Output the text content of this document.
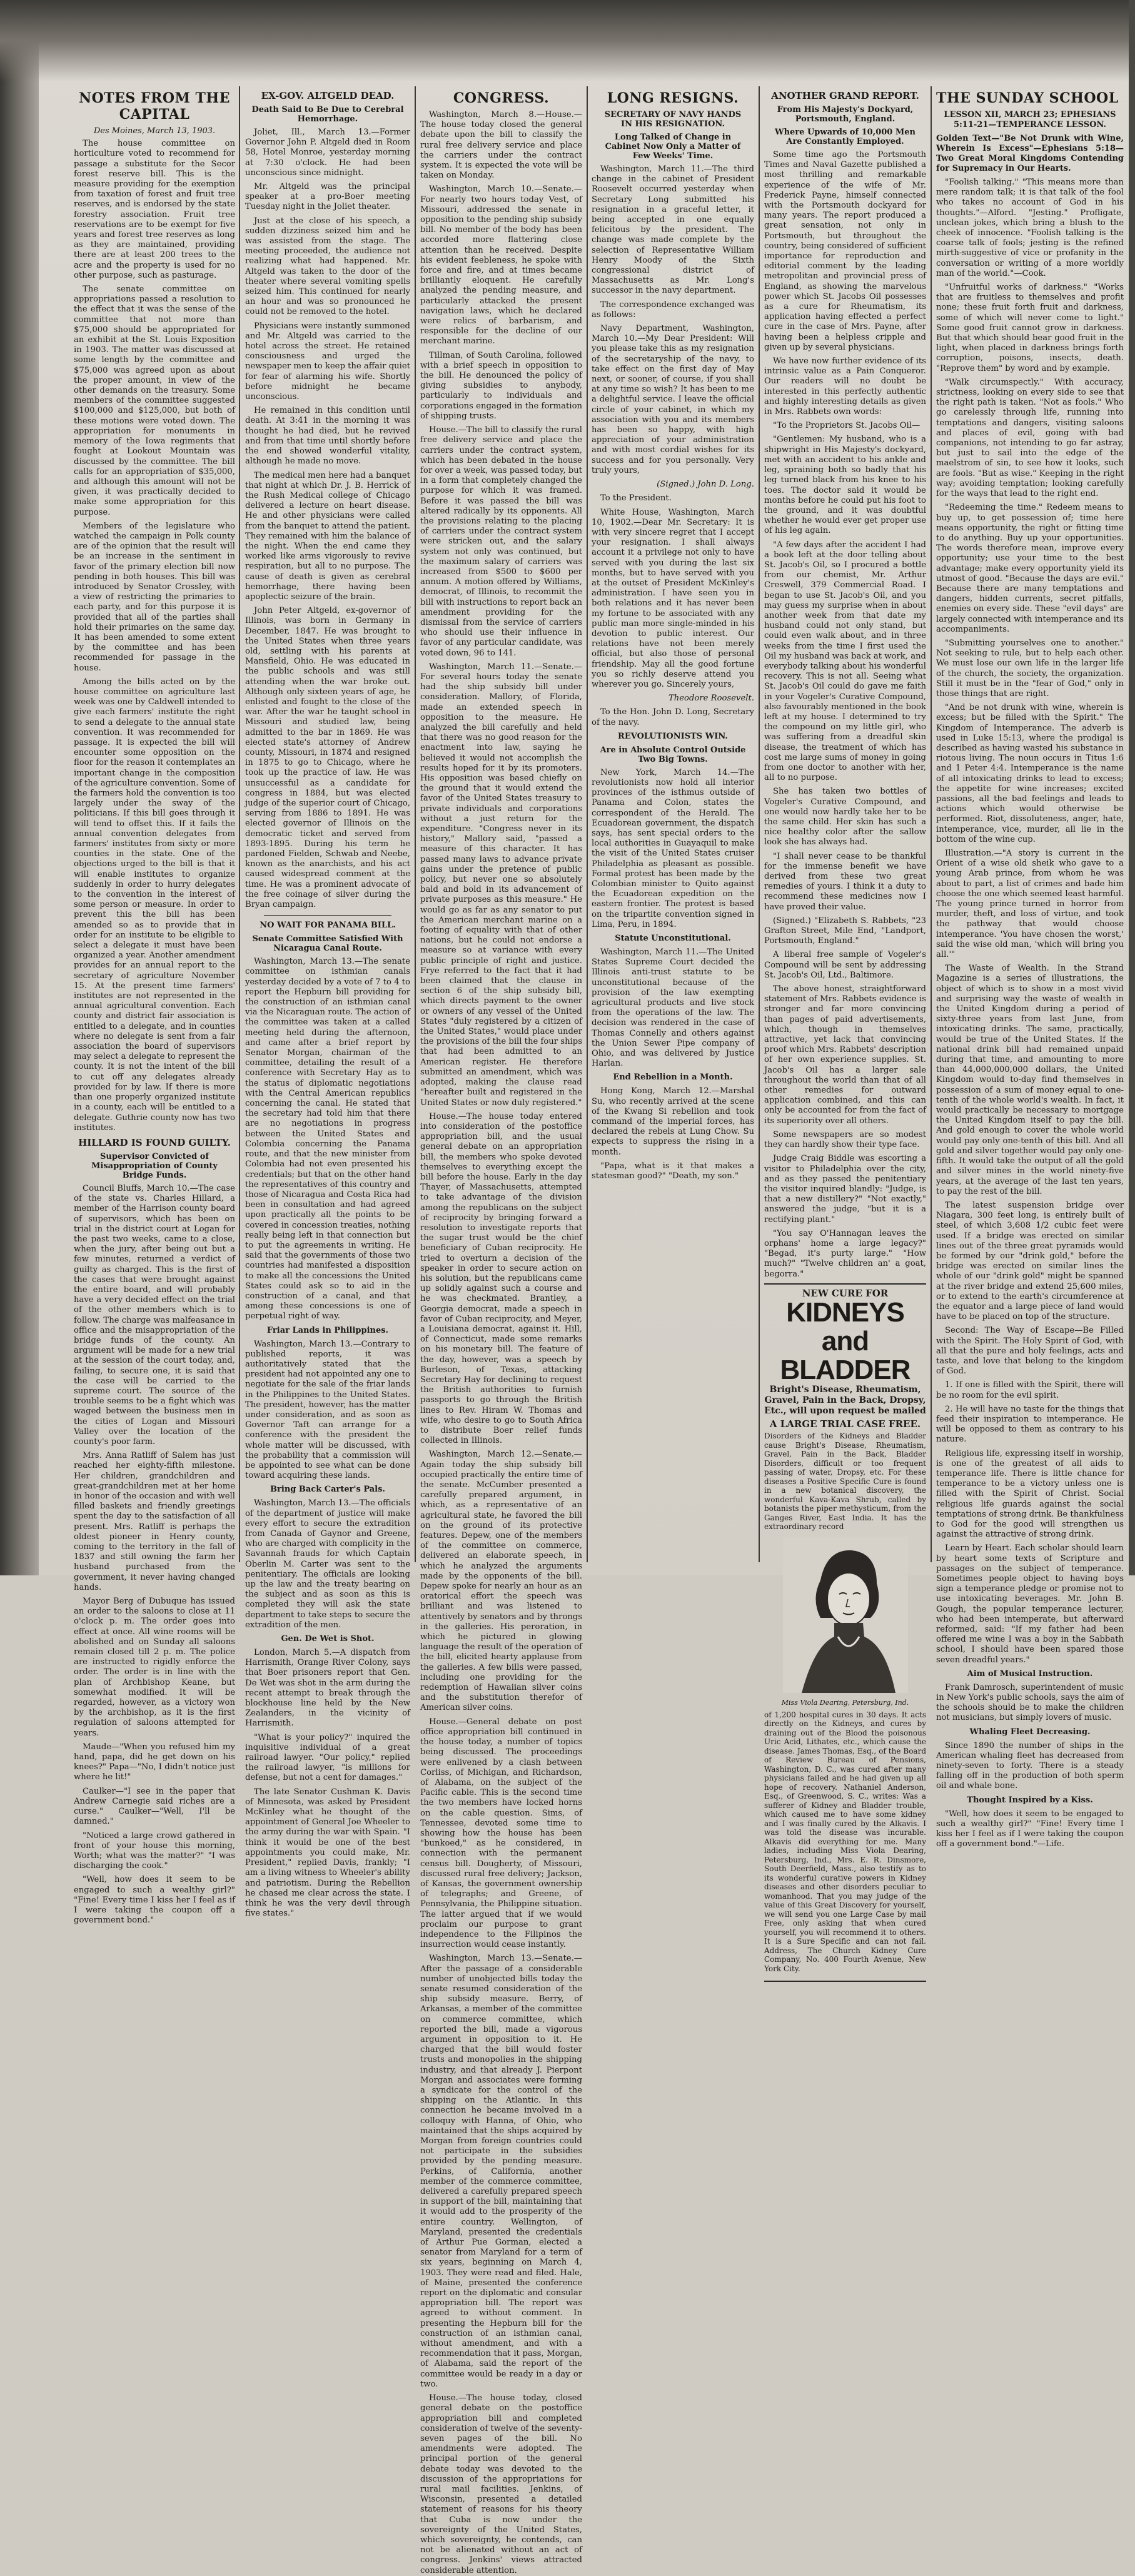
NOTES FROM THE CAPITAL
Des Moines, March 13, 1903.

The house committee on horticulture voted to recommend for passage a substitute for the Secor forest reserve bill. This is the measure providing for the exemption from taxation of forest and fruit tree reserves, and is endorsed by the state forestry association. Fruit tree reservations are to be exempt for five years and forest tree reserves as long as they are maintained, providing there are at least 200 trees to the acre and the property is used for no other purpose, such as pasturage.

The senate committee on appropriations passed a resolution to the effect that it was the sense of the committee that not more than $75,000 should be appropriated for an exhibit at the St. Louis Exposition in 1903. The matter was discussed at some length by the committee and $75,000 was agreed upon as about the proper amount, in view of the other demands on the treasury. Some members of the committee suggested $100,000 and $125,000, but both of these motions were voted down. The appropriation for monuments in memory of the Iowa regiments that fought at Lookout Mountain was discussed by the committee. The bill calls for an appropriation of $35,000, and although this amount will not be given, it was practically decided to make some appropriation for this purpose.

Members of the legislature who watched the campaign in Polk county are of the opinion that the result will be an increase in the sentiment in favor of the primary election bill now pending in both houses. This bill was introduced by Senator Crossley, with a view of restricting the primaries to each party, and for this purpose it is provided that all of the parties shall hold their primaries on the same day. It has been amended to some extent by the committee and has been recommended for passage in the house.

Among the bills acted on by the house committee on agriculture last week was one by Caldwell intended to give each farmers' institute the right to send a delegate to the annual state convention. It was recommended for passage. It is expected the bill will encounter some opposition on the floor for the reason it contemplates an important change in the composition of the agriculture convention. Some of the farmers hold the convention is too largely under the sway of the politicians. If this bill goes through it will tend to offset this. If it fails the annual convention delegates from farmers' institutes from sixty or more counties in the state. One of the objections urged to the bill is that it will enable institutes to organize suddenly in order to hurry delegates to the convention in the interest of some person or measure. In order to prevent this the bill has been amended so as to provide that in order for an institute to be eligible to select a delegate it must have been organized a year. Another amendment provides for an annual report to the secretary of agriculture November 15. At the present time farmers' institutes are not represented in the annual agricultural convention. Each county and district fair association is entitled to a delegate, and in counties where no delegate is sent from a fair association the board of supervisors may select a delegate to represent the county. It is not the intent of the bill to cut off any delegates already provided for by law. If there is more than one properly organized institute in a county, each will be entitled to a delegate. Guthrie county now has two institutes.

HILLARD IS FOUND GUILTY.
Supervisor Convicted of Misappropriation of County Bridge Funds.

Council Bluffs, March 10.—The case of the state vs. Charles Hillard, a member of the Harrison county board of supervisors, which has been on trial in the district court at Logan for the past two weeks, came to a close, when the jury, after being out but a few minutes, returned a verdict of guilty as charged. This is the first of the cases that were brought against the entire board, and will probably have a very decided effect on the trial of the other members which is to follow. The charge was malfeasance in office and the misappropriation of the bridge funds of the county. An argument will be made for a new trial at the session of the court today, and, failing, to secure one, it is said that the case will be carried to the supreme court. The source of the trouble seems to be a fight which was waged between the business men in the cities of Logan and Missouri Valley over the location of the county's poor farm.

Mrs. Anna Ratliff of Salem has just reached her eighty-fifth milestone. Her children, grandchildren and great-grandchildren met at her home in honor of the occasion and with well filled baskets and friendly greetings spent the day to the satisfaction of all present. Mrs. Ratliff is perhaps the oldest pioneer in Henry county, coming to the territory in the fall of 1837 and still owning the farm her husband purchased from the government, it never having changed hands.

Mayor Berg of Dubuque has issued an order to the saloons to close at 11 o'clock p. m. The order goes into effect at once. All wine rooms will be abolished and on Sunday all saloons remain closed till 2 p. m. The police are instructed to rigidly enforce the order. The order is in line with the plan of Archbishop Keane, but somewhat modified. It will be regarded, however, as a victory won by the archbishop, as it is the first regulation of saloons attempted for years.

Maude—"When you refused him my hand, papa, did he get down on his knees?" Papa—"No, I didn't notice just where he lit!"

Caulker—"I see in the paper that Andrew Carnegie said riches are a curse." Caulker—"Well, I'll be damned."

"Noticed a large crowd gathered in front of your house this morning, Worth; what was the matter?" "I was discharging the cook."

"Well, how does it seem to be engaged to such a wealthy girl?" "Fine! Every time I kiss her I feel as if I were taking the coupon off a government bond."

EX-GOV. ALTGELD DEAD.
Death Said to Be Due to Cerebral Hemorrhage.

Joliet, Ill., March 13.—Former Governor John P. Altgeld died in Room 58, Hotel Monroe, yesterday morning at 7:30 o'clock. He had been unconscious since midnight.

Mr. Altgeld was the principal speaker at a pro-Boer meeting Tuesday night in the Joliet theater.

Just at the close of his speech, a sudden dizziness seized him and he was assisted from the stage. The meeting proceeded, the audience not realizing what had happened. Mr. Altgeld was taken to the door of the theater where several vomiting spells seized him. This continued for nearly an hour and was so pronounced he could not be removed to the hotel.

Physicians were instantly summoned and Mr. Altgeld was carried to the hotel across the street. He retained consciousness and urged the newspaper men to keep the affair quiet for fear of alarming his wife. Shortly before midnight he became unconscious.

He remained in this condition until death. At 3:41 in the morning it was thought he had died, but he revived and from that time until shortly before the end showed wonderful vitality, although he made no move.

The medical men here had a banquet that night at which Dr. J. B. Herrick of the Rush Medical college of Chicago delivered a lecture on heart disease. He and other physicians were called from the banquet to attend the patient. They remained with him the balance of the night. When the end came they worked like arms vigorously to revive respiration, but all to no purpose. The cause of death is given as cerebral hemorrhage, there having been apoplectic seizure of the brain.

John Peter Altgeld, ex-governor of Illinois, was born in Germany in December, 1847. He was brought to the United States when three years old, settling with his parents at Mansfield, Ohio. He was educated in the public schools and was still attending when the war broke out. Although only sixteen years of age, he enlisted and fought to the close of the war. After the war he taught school in Missouri and studied law, being admitted to the bar in 1869. He was elected state's attorney of Andrew county, Missouri, in 1874 and resigned in 1875 to go to Chicago, where he took up the practice of law. He was unsuccessful as a candidate for congress in 1884, but was elected judge of the superior court of Chicago, serving from 1886 to 1891. He was elected governor of Illinois on the democratic ticket and served from 1893-1895. During his term he pardoned Fielden, Schwab and Neebe, known as the anarchists, and his act caused widespread comment at the time. He was a prominent advocate of the free coinage of silver during the Bryan campaign.

NO WAIT FOR PANAMA BILL.
Senate Committee Satisfied With Nicaragua Canal Route.

Washington, March 13.—The senate committee on isthmian canals yesterday decided by a vote of 7 to 4 to report the Hepburn bill providing for the construction of an isthmian canal via the Nicaraguan route. The action of the committee was taken at a called meeting held during the afternoon, and came after a brief report by Senator Morgan, chairman of the committee, detailing the result of a conference with Secretary Hay as to the status of diplomatic negotiations with the Central American republics concerning the canal. He stated that the secretary had told him that there are no negotiations in progress between the United States and Colombia concerning the Panama route, and that the new minister from Colombia had not even presented his credentials; but that on the other hand the representatives of this country and those of Nicaragua and Costa Rica had been in consultation and had agreed upon practically all the points to be covered in concession treaties, nothing really being left in that connection but to put the agreements in writing. He said that the governments of those two countries had manifested a disposition to make all the concessions the United States could ask so to aid in the construction of a canal, and that among these concessions is one of perpetual right of way.

Friar Lands in Philippines.

Washington, March 13.—Contrary to published reports, it was authoritatively stated that the president had not appointed any one to negotiate for the sale of the friar lands in the Philippines to the United States. The president, however, has the matter under consideration, and as soon as Governor Taft can arrange for a conference with the president the whole matter will be discussed, with the probability that a commission will be appointed to see what can be done toward acquiring these lands.

Bring Back Carter's Pals.

Washington, March 13.—The officials of the department of justice will make every effort to secure the extradition from Canada of Gaynor and Greene, who are charged with complicity in the Savannah frauds for which Captain Oberlin M. Carter was sent to the penitentiary. The officials are looking up the law and the treaty bearing on the subject and as soon as this is completed they will ask the state department to take steps to secure the extradition of the men.

Gen. De Wet is Shot.

London, March 5.—A dispatch from Harrismith, Orange River Colony, says that Boer prisoners report that Gen. De Wet was shot in the arm during the recent attempt to break through the blockhouse line held by the New Zealanders, in the vicinity of Harrismith.

"What is your policy?" inquired the inquisitive individual of a great railroad lawyer. "Our policy," replied the railroad lawyer, "is millions for defense, but not a cent for damages."

The late Senator Cushman K. Davis of Minnesota, was asked by President McKinley what he thought of the appointment of General Joe Wheeler to the army during the war with Spain. "I think it would be one of the best appointments you could make, Mr. President," replied Davis, frankly; "I am a living witness to Wheeler's ability and patriotism. During the Rebellion he chased me clear across the state. I think he was the very devil through five states."

CONGRESS.

Washington, March 8.—House.—The house today closed the general debate upon the bill to classify the rural free delivery service and place the carriers under the contract system. It is expected the vote will be taken on Monday.

Washington, March 10.—Senate.—For nearly two hours today Vest, of Missouri, addressed the senate in opposition to the pending ship subsidy bill. No member of the body has been accorded more flattering close attention than he received. Despite his evident feebleness, he spoke with force and fire, and at times became brilliantly eloquent. He carefully analyzed the pending measure, and particularly attacked the present navigation laws, which he declared were relics of barbarism, and responsible for the decline of our merchant marine.

Tillman, of South Carolina, followed with a brief speech in opposition to the bill. He denounced the policy of giving subsidies to anybody, particularly to individuals and corporations engaged in the formation of shipping trusts.

House.—The bill to classify the rural free delivery service and place the carriers under the contract system, which has been debated in the house for over a week, was passed today, but in a form that completely changed the purpose for which it was framed. Before it was passed the bill was altered radically by its opponents. All the provisions relating to the placing of carriers under the contract system were stricken out, and the salary system not only was continued, but the maximum salary of carriers was increased from $500 to $600 per annum. A motion offered by Williams, democrat, of Illinois, to recommit the bill with instructions to report back an amendment providing for the dismissal from the service of carriers who should use their influence in favor of any particular candidate, was voted down, 96 to 141.

Washington, March 11.—Senate.—For several hours today the senate had the ship subsidy bill under consideration. Mallory, of Florida, made an extended speech in opposition to the measure. He analyzed the bill carefully and held that there was no good reason for the enactment into law, saying he believed it would not accomplish the results hoped for it by its promoters. His opposition was based chiefly on the ground that it would extend the favor of the United States treasury to private individuals and corporations without a just return for the expenditure. "Congress never in its history," Mallory said, "passed a measure of this character. It has passed many laws to advance private gains under the pretence of public policy, but never one so absolutely bald and bold in its advancement of private purposes as this measure." He would go as far as any senator to put the American merchant marine on a footing of equality with that of other nations, but he could not endorse a measure so at variance with every public principle of right and justice. Frye referred to the fact that it had been claimed that the clause in section 6 of the ship subsidy bill, which directs payment to the owner or owners of any vessel of the United States "duly registered by a citizen of the United States," would place under the provisions of the bill the four ships that had been admitted to an American register. He therefore submitted an amendment, which was adopted, making the clause read "hereafter built and registered in the United States or now duly registered."

House.—The house today entered into consideration of the postoffice appropriation bill, and the usual general debate on an appropriation bill, the members who spoke devoted themselves to everything except the bill before the house. Early in the day Thayer, of Massachusetts, attempted to take advantage of the division among the republicans on the subject of reciprocity by bringing forward a resolution to investigate reports that the sugar trust would be the chief beneficiary of Cuban reciprocity. He tried to overturn a decision of the speaker in order to secure action on his solution, but the republicans came up solidly against such a course and he was checkmated. Brantley, a Georgia democrat, made a speech in favor of Cuban reciprocity, and Meyer, a Louisiana democrat, against it. Hill, of Connecticut, made some remarks on his monetary bill. The feature of the day, however, was a speech by Burleson, of Texas, attacking Secretary Hay for declining to request the British authorities to furnish passports to go through the British lines to Rev. Hiram W. Thomas and wife, who desire to go to South Africa to distribute Boer relief funds collected in Illinois.

Washington, March 12.—Senate.—Again today the ship subsidy bill occupied practically the entire time of the senate. McCumber presented a carefully prepared argument, in which, as a representative of an agricultural state, he favored the bill on the ground of its protective features. Depew, one of the members of the committee on commerce, delivered an elaborate speech, in which he analyzed the arguments made by the opponents of the bill. Depew spoke for nearly an hour as an oratorical effort the speech was brilliant and was listened to attentively by senators and by throngs in the galleries. His peroration, in which he pictured in glowing language the result of the operation of the bill, elicited hearty applause from the galleries. A few bills were passed, including one providing for the redemption of Hawaiian silver coins and the substitution therefor of American silver coins.

House.—General debate on post office appropriation bill continued in the house today, a number of topics being discussed. The proceedings were enlivened by a clash between Corliss, of Michigan, and Richardson, of Alabama, on the subject of the Pacific cable. This is the second time the two members have locked horns on the cable question. Sims, of Tennessee, devoted some time to showing how the house has been "bunkoed," as he considered, in connection with the permanent census bill. Dougherty, of Missouri, discussed rural free delivery; Jackson, of Kansas, the government ownership of telegraphs; and Greene, of Pennsylvania, the Philippine situation. The latter argued that if we would proclaim our purpose to grant independence to the Filipinos the insurrection would cease instantly.

Washington, March 13.—Senate.—After the passage of a considerable number of unobjected bills today the senate resumed consideration of the ship subsidy measure. Berry, of Arkansas, a member of the committee on commerce committee, which reported the bill, made a vigorous argument in opposition to it. He charged that the bill would foster trusts and monopolies in the shipping industry, and that already J. Pierpont Morgan and associates were forming a syndicate for the control of the shipping on the Atlantic. In this connection he became involved in a colloquy with Hanna, of Ohio, who maintained that the ships acquired by Morgan from foreign countries could not participate in the subsidies provided by the pending measure. Perkins, of California, another member of the commerce committee, delivered a carefully prepared speech in support of the bill, maintaining that it would add to the prosperity of the entire country. Wellington, of Maryland, presented the credentials of Arthur Pue Gorman, elected a senator from Maryland for a term of six years, beginning on March 4, 1903. They were read and filed. Hale, of Maine, presented the conference report on the diplomatic and consular appropriation bill. The report was agreed to without comment. In presenting the Hepburn bill for the construction of an isthmian canal, without amendment, and with a recommendation that it pass, Morgan, of Alabama, said the report of the committee would be ready in a day or two.

House.—The house today, closed general debate on the postoffice appropriation bill and completed consideration of twelve of the seventy-seven pages of the bill. No amendments were adopted. The principal portion of the general debate today was devoted to the discussion of the appropriations for rural mail facilities. Jenkins, of Wisconsin, presented a detailed statement of reasons for his theory that Cuba is now under the sovereignty of the United States, which sovereignty, he contends, can not be alienated without an act of congress. Jenkins' views attracted considerable attention.

LONG RESIGNS.
SECRETARY OF NAVY HANDS IN HIS RESIGNATION.
Long Talked of Change in Cabinet Now Only a Matter of Few Weeks' Time.

Washington, March 11.—The third change in the cabinet of President Roosevelt occurred yesterday when Secretary Long submitted his resignation in a graceful letter, it being accepted in one equally felicitous by the president. The change was made complete by the selection of Representative William Henry Moody of the Sixth congressional district of Massachusetts as Mr. Long's successor in the navy department.

The correspondence exchanged was as follows:

Navy Department, Washington, March 10.—My Dear President: Will you please take this as my resignation of the secretaryship of the navy, to take effect on the first day of May next, or sooner, of course, if you shall at any time so wish? It has been to me a delightful service. I leave the official circle of your cabinet, in which my association with you and its members has been so happy, with high appreciation of your administration and with most cordial wishes for its success and for you personally. Very truly yours,

(Signed.) John D. Long.

To the President.

White House, Washington, March 10, 1902.—Dear Mr. Secretary: It is with very sincere regret that I accept your resignation. I shall always account it a privilege not only to have served with you during the last six months, but to have served with you at the outset of President McKinley's administration. I have seen you in both relations and it has never been my fortune to be associated with any public man more single-minded in his devotion to public interest. Our relations have not been merely official, but also those of personal friendship. May all the good fortune you so richly deserve attend you wherever you go. Sincerely yours,

Theodore Roosevelt.

To the Hon. John D. Long, Secretary of the navy.

REVOLUTIONISTS WIN.
Are in Absolute Control Outside Two Big Towns.

New York, March 14.—The revolutionists now hold all interior provinces of the isthmus outside of Panama and Colon, states the correspondent of the Herald. The Ecuadorean government, the dispatch says, has sent special orders to the local authorities in Guayaquil to make the visit of the United States cruiser Philadelphia as pleasant as possible. Formal protest has been made by the Colombian minister to Quito against the Ecuadorean expedition on the eastern frontier. The protest is based on the tripartite convention signed in Lima, Peru, in 1894.

Statute Unconstitutional.

Washington, March 11.—The United States Supreme Court decided the Illinois anti-trust statute to be unconstitutional because of the provision of the law exempting agricultural products and live stock from the operations of the law. The decision was rendered in the case of Thomas Connelly and others against the Union Sewer Pipe company of Ohio, and was delivered by Justice Harlan.

End Rebellion in a Month.

Hong Kong, March 12.—Marshal Su, who recently arrived at the scene of the Kwang Si rebellion and took command of the imperial forces, has declared the rebels at Lung Chow. Su expects to suppress the rising in a month.

"Papa, what is it that makes a statesman good?" "Death, my son."

ANOTHER GRAND REPORT.
From His Majesty's Dockyard, Portsmouth, England.
Where Upwards of 10,000 Men Are Constantly Employed.

Some time ago the Portsmouth Times and Naval Gazette published a most thrilling and remarkable experience of the wife of Mr. Frederick Payne, himself connected with the Portsmouth dockyard for many years. The report produced a great sensation, not only in Portsmouth, but throughout the country, being considered of sufficient importance for reproduction and editorial comment by the leading metropolitan and provincial press of England, as showing the marvelous power which St. Jacobs Oil possesses as a cure for Rheumatism, its application having effected a perfect cure in the case of Mrs. Payne, after having been a helpless cripple and given up by several physicians.

We have now further evidence of its intrinsic value as a Pain Conqueror. Our readers will no doubt be interested in this perfectly authentic and highly interesting details as given in Mrs. Rabbets own words:

"To the Proprietors St. Jacobs Oil—

"Gentlemen: My husband, who is a shipwright in His Majesty's dockyard, met with an accident to his ankle and leg, spraining both so badly that his leg turned black from his knee to his toes. The doctor said it would be months before he could put his foot to the ground, and it was doubtful whether he would ever get proper use of his leg again.

"A few days after the accident I had a book left at the door telling about St. Jacob's Oil, so I procured a bottle from our chemist, Mr. Arthur Creswell, 379 Commercial Road. I began to use St. Jacob's Oil, and you may guess my surprise when in about another week from that date my husband could not only stand, but could even walk about, and in three weeks from the time I first used the Oil my husband was back at work, and everybody talking about his wonderful recovery. This is not all. Seeing what St. Jacob's Oil could do gave me faith in your Vogeler's Curative Compound, also favourably mentioned in the book left at my house. I determined to try the compound on my little girl, who was suffering from a dreadful skin disease, the treatment of which has cost me large sums of money in going from one doctor to another with her, all to no purpose.

She has taken two bottles of Vogeler's Curative Compound, and one would now hardly take her to be the same child. Her skin has such a nice healthy color after the sallow look she has always had.

"I shall never cease to be thankful for the immense benefit we have derived from these two great remedies of yours. I think it a duty to recommend these medicines now I have proved their value.

(Signed.) "Elizabeth S. Rabbets, "23 Grafton Street, Mile End, "Landport, Portsmouth, England."

A liberal free sample of Vogeler's Compound will be sent by addressing St. Jacob's Oil, Ltd., Baltimore.

The above honest, straightforward statement of Mrs. Rabbets evidence is stronger and far more convincing than pages of paid advertisements, which, though in themselves attractive, yet lack that convincing proof which Mrs. Rabbets' description of her own experience supplies. St. Jacob's Oil has a larger sale throughout the world than that of all other remedies for outward application combined, and this can only be accounted for from the fact of its superiority over all others.

Some newspapers are so modest they can hardly show their type face.

Judge Craig Biddle was escorting a visitor to Philadelphia over the city, and as they passed the penitentiary the visitor inquired blandly: "Judge, is that a new distillery?" "Not exactly," answered the judge, "but it is a rectifying plant."

"You say O'Hannagan leaves the orphans' home a large legacy?" "Begad, it's purty large." "How much?" "Twelve children an' a goat, begorra."

NEW CURE FOR
KIDNEYS and BLADDER
Bright's Disease, Rheumatism, Gravel, Pain in the Back, Dropsy, Etc., will upon request be mailed
A LARGE TRIAL CASE FREE.

Disorders of the Kidneys and Bladder cause Bright's Disease, Rheumatism, Gravel, Pain in the Back, Bladder Disorders, difficult or too frequent passing of water, Dropsy, etc. For these diseases a Positive Specific Cure is found in a new botanical discovery, the wonderful Kava-Kava Shrub, called by botanists the piper methysticum, from the Ganges River, East India. It has the extraordinary record

Miss Viola Dearing, Petersburg, Ind.

of 1,200 hospital cures in 30 days. It acts directly on the Kidneys, and cures by draining out of the Blood the poisonous Uric Acid, Lithates, etc., which cause the disease. James Thomas, Esq., of the Board of Review Bureau of Pensions, Washington, D. C., was cured after many physicians failed and he had given up all hope of recovery. Nathaniel Anderson, Esq., of Greenwood, S. C., writes: Was a sufferer of Kidney and Bladder trouble, which caused me to have some kidney and I was finally cured by the Alkavis. I was told the disease was incurable. Alkavis did everything for me. Many ladies, including Miss Viola Dearing, Petersburg, Ind., Mrs. E. R. Dinsmore, South Deerfield, Mass., also testify as to its wonderful curative powers in Kidney diseases and other disorders peculiar to womanhood. That you may judge of the value of this Great Discovery for yourself, we will send you one Large Case by mail Free, only asking that when cured yourself, you will recommend it to others. It is a Sure Specific and can not fail. Address, The Church Kidney Cure Company, No. 400 Fourth Avenue, New York City.

THE SUNDAY SCHOOL
LESSON XII, MARCH 23; EPHESIANS 5:11-21—TEMPERANCE LESSON.
Golden Text—"Be Not Drunk with Wine, Wherein Is Excess"—Ephesians 5:18—Two Great Moral Kingdoms Contending for Supremacy in Our Hearts.

"Foolish talking." "This means more than mere random talk; it is that talk of the fool who takes no account of God in his thoughts."—Alford. "Jesting." Profligate, unclean jokes, which bring a blush to the cheek of innocence. "Foolish talking is the coarse talk of fools; jesting is the refined mirth-suggestive of vice or profanity in the conversation or writing of a more worldly man of the world."—Cook.

"Unfruitful works of darkness." "Works that are fruitless to themselves and profit none; these fruit forth fruit and darkness, some of which will never come to light." Some good fruit cannot grow in darkness. But that which should bear good fruit in the light, when placed in darkness brings forth corruption, poisons, insects, death. "Reprove them" by word and by example.

"Walk circumspectly." With accuracy, strictness, looking on every side to see that the right path is taken. "Not as fools." Who go carelessly through life, running into temptations and dangers, visiting saloons and places of evil, going with bad companions, not intending to go far astray, but just to sail into the edge of the maelstrom of sin, to see how it looks, such are fools. "But as wise." Keeping in the right way; avoiding temptation; looking carefully for the ways that lead to the right end.

"Redeeming the time." Redeem means to buy up, to get possession of; time here means opportunity, the right or fitting time to do anything. Buy up your opportunities. The words therefore mean, improve every opportunity; use your time to the best advantage; make every opportunity yield its utmost of good. "Because the days are evil." Because there are many temptations and dangers, hidden currents, secret pitfalls, enemies on every side. These "evil days" are largely connected with intemperance and its accompaniments.

"Submitting yourselves one to another." Not seeking to rule, but to help each other. We must lose our own life in the larger life of the church, the society, the organization. Still it must be in the "fear of God," only in those things that are right.

"And be not drunk with wine, wherein is excess; but be filled with the Spirit." The Kingdom of Intemperance. The adverb is used in Luke 15:13, where the prodigal is described as having wasted his substance in riotous living. The noun occurs in Titus 1:6 and 1 Peter 4:4. Intemperance is the name of all intoxicating drinks to lead to excess; the appetite for wine increases; excited passions, all the bad feelings and leads to actions which would otherwise be performed. Riot, dissoluteness, anger, hate, intemperance, vice, murder, all lie in the bottom of the wine cup.

Illustration.—"A story is current in the Orient of a wise old sheik who gave to a young Arab prince, from whom he was about to part, a list of crimes and bade him choose the one which seemed least harmful. The young prince turned in horror from murder, theft, and loss of virtue, and took the pathway that would choose intemperance. 'You have chosen the worst,' said the wise old man, 'which will bring you all.'"

The Waste of Wealth. In the Strand Magazine is a series of illustrations, the object of which is to show in a most vivid and surprising way the waste of wealth in the United Kingdom during a period of sixty-three years from last June, from intoxicating drinks. The same, practically, would be true of the United States. If the national drink bill had remained unpaid during that time, and amounting to more than 44,000,000,000 dollars, the United Kingdom would to-day find themselves in possession of a sum of money equal to one-tenth of the whole world's wealth. In fact, it would practically be necessary to mortgage the United Kingdom itself to pay the bill. And gold enough to cover the whole world would pay only one-tenth of this bill. And all gold and silver together would pay only one-fifth. It would take the output of all the gold and silver mines in the world ninety-five years, at the average of the last ten years, to pay the rest of the bill.

The latest suspension bridge over Niagara, 300 feet long, is entirely built of steel, of which 3,608 1/2 cubic feet were used. If a bridge was erected on similar lines out of the three great pyramids would be formed by our "drink gold," before the bridge was erected on similar lines the whole of our "drink gold" might be spanned at the river bridge and extend 25,600 miles, or to extend to the earth's circumference at the equator and a large piece of land would have to be placed on top of the structure.

Second: The Way of Escape—Be Filled with the Spirit. The Holy Spirit of God, with all that the pure and holy feelings, acts and taste, and love that belong to the kingdom of God.

1. If one is filled with the Spirit, there will be no room for the evil spirit.

2. He will have no taste for the things that feed their inspiration to intemperance. He will be opposed to them as contrary to his nature.

Religious life, expressing itself in worship, is one of the greatest of all aids to temperance life. There is little chance for temperance to be a victory unless one is filled with the Spirit of Christ. Social religious life guards against the social temptations of strong drink. Be thankfulness to God for the good will strengthen us against the attractive of strong drink.

Learn by Heart. Each scholar should learn by heart some texts of Scripture and passages on the subject of temperance. Sometimes people object to having boys sign a temperance pledge or promise not to use intoxicating beverages. Mr. John B. Gough, the popular temperance lecturer, who had been intemperate, but afterward reformed, said: "If my father had been offered me wine I was a boy in the Sabbath school, I should have been spared those seven dreadful years."

Aim of Musical Instruction.

Frank Damrosch, superintendent of music in New York's public schools, says the aim of the schools should be to make the children not musicians, but simply lovers of music.

Whaling Fleet Decreasing.

Since 1890 the number of ships in the American whaling fleet has decreased from ninety-seven to forty. There is a steady falling off in the production of both sperm oil and whale bone.

Thought Inspired by a Kiss.

"Well, how does it seem to be engaged to such a wealthy girl?" "Fine! Every time I kiss her I feel as if I were taking the coupon off a government bond."—Life.
